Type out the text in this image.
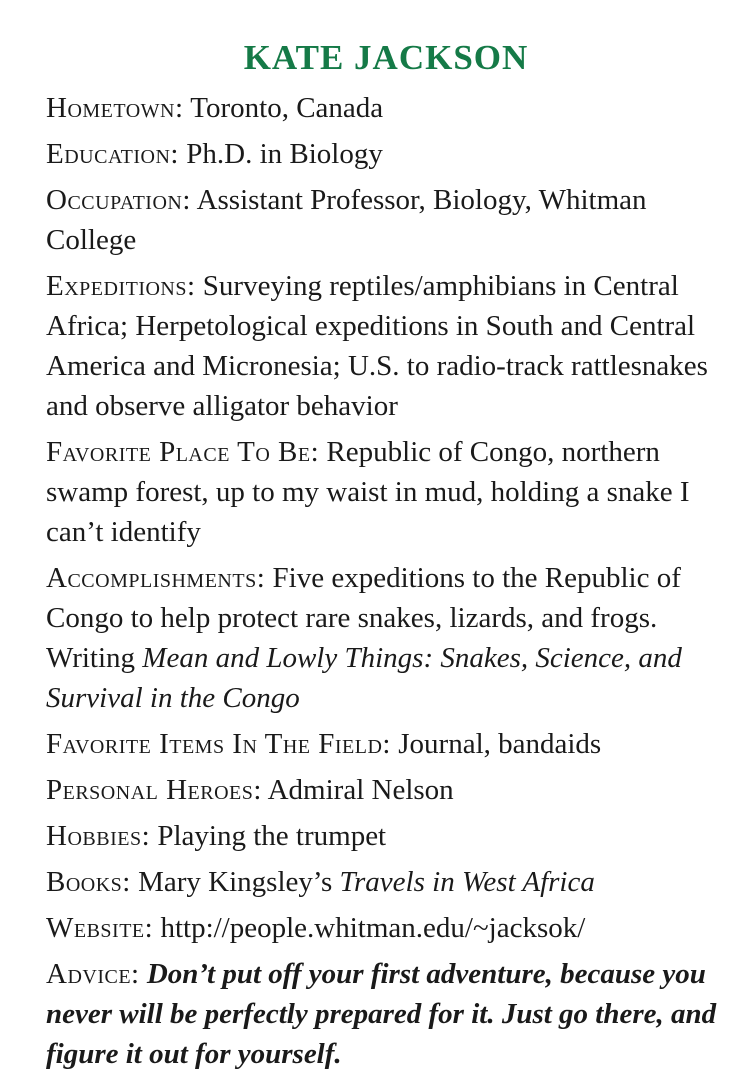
KATE JACKSON
Hometown: Toronto, Canada
Education: Ph.D. in Biology
Occupation: Assistant Professor, Biology, Whitman College
Expeditions: Surveying reptiles/amphibians in Central Africa; Herpetological expeditions in South and Central America and Micronesia; U.S. to radio-track rattlesnakes and observe alligator behavior
Favorite Place To Be: Republic of Congo, northern swamp forest, up to my waist in mud, holding a snake I can’t identify
Accomplishments: Five expeditions to the Republic of Congo to help protect rare snakes, lizards, and frogs. Writing Mean and Lowly Things: Snakes, Science, and Survival in the Congo
Favorite Items In The Field: Journal, bandaids
Personal Heroes: Admiral Nelson
Hobbies: Playing the trumpet
Books: Mary Kingsley’s Travels in West Africa
Website: http://people.whitman.edu/~jacksok/
Advice: Don’t put off your first adventure, because you never will be perfectly prepared for it. Just go there, and figure it out for yourself.
